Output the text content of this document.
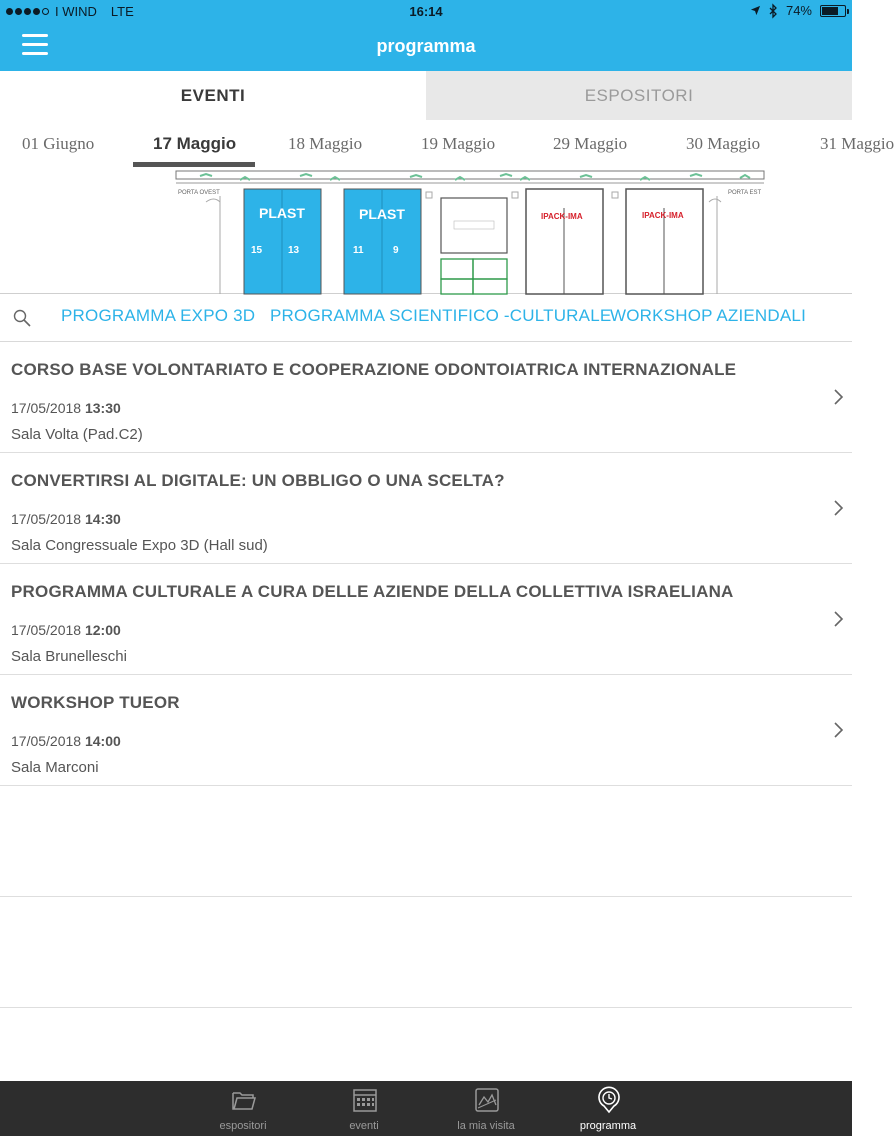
I WIND LTE	16:14	74%
programma
EVENTI	ESPOSITORI
01 Giugno	17 Maggio	18 Maggio	19 Maggio	29 Maggio	30 Maggio	31 Maggio
PORTA OVEST	PORTA EST
PLAST
15	13
PLAST
11	9
IPACK-IMA	IPACK-IMA
PROGRAMMA EXPO 3D PROGRAMMA SCIENTIFICO -CULTURALE
WORKSHOP AZIENDALI
CORSO BASE VOLONTARIATO E COOPERAZIONE ODONTOIATRICA INTERNAZIONALE
17/05/2018 13:30
Sala Volta (Pad.C2)
CONVERTIRSI AL DIGITALE: UN OBBLIGO O UNA SCELTA?
17/05/2018 14:30
Sala Congressuale Expo 3D (Hall sud)
PROGRAMMA CULTURALE A CURA DELLE AZIENDE DELLA COLLETTIVA ISRAELIANA
17/05/2018 12:00
Sala Brunelleschi
WORKSHOP TUEOR
17/05/2018 14:00
Sala Marconi
espositori	eventi	la mia visita	programma
